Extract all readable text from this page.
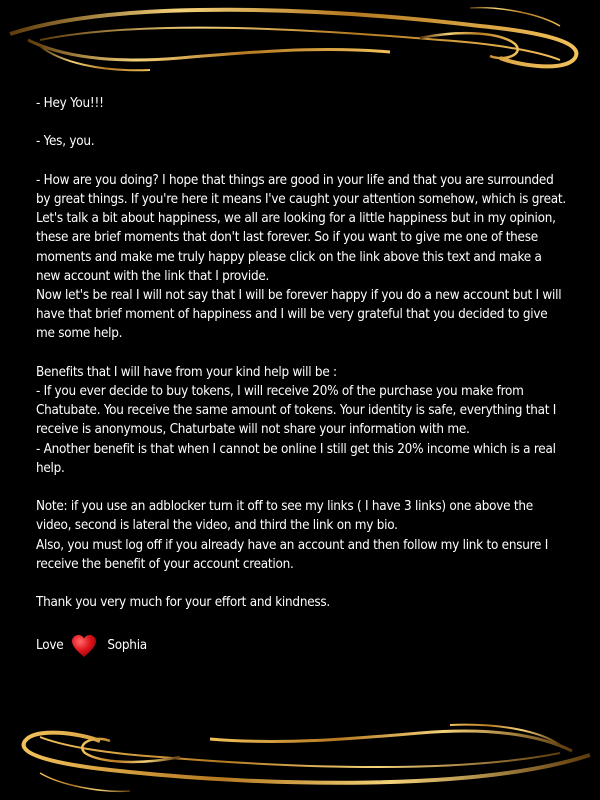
- Hey You!!!

- Yes, you.

- How are you doing? I hope that things are good in your life and that you are surrounded by great things. If you're here it means I've caught your attention somehow, which is great.

Let's talk a bit about happiness, we all are looking for a little happiness but in my opinion, these are brief moments that don't last forever. So if you want to give me one of these moments and make me truly happy please click on the link above this text and make a new account with the link that I provide.

Now let's be real I will not say that I will be forever happy if you do a new account but I will have that brief moment of happiness and I will be very grateful that you decided to give me some help.

Benefits that I will have from your kind help will be :

- If you ever decide to buy tokens, I will receive 20% of the purchase you make from Chatubate. You receive the same amount of tokens. Your identity is safe, everything that I receive is anonymous, Chaturbate will not share your information with me.

- Another benefit is that when I cannot be online I still get this 20% income which is a real help.

Note: if you use an adblocker turn it off to see my links ( I have 3 links) one above the video, second is lateral the video, and third the link on my bio.

Also, you must log off if you already have an account and then follow my link to ensure I receive the benefit of your account creation.

Thank you very much for your effort and kindness.

Love	Sophia
